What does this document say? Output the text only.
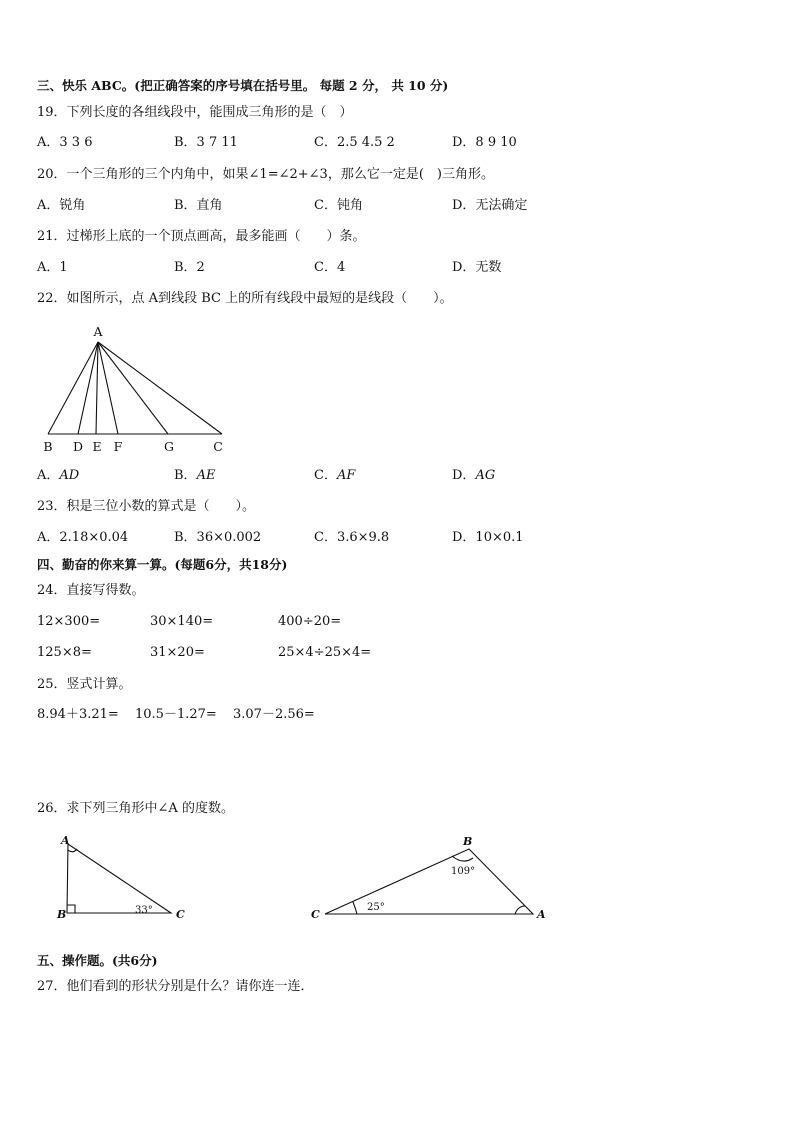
三、快乐 ABC。(把正确答案的序号填在括号里。 每题 2 分， 共 10 分)
19．下列长度的各组线段中，能围成三角形的是（　）
A．3 3 6	B．3 7 11	C．2.5 4.5 2	D．8 9 10
20．一个三角形的三个内角中，如果∠1=∠2+∠3，那么它一定是(　)三角形。
A．锐角	B．直角	C．钝角	D．无法确定
21．过梯形上底的一个顶点画高，最多能画（　　）条。
A．1	B．2	C．4	D．无数
22．如图所示，点 A到线段 BC 上的所有线段中最短的是线段（　　）。
A
B D E F	G	C
A．AD	B．AE	C．AF	D．AG
23．积是三位小数的算式是（　　）。
A．2.18×0.04	B．36×0.002	C．3.6×9.8	D．10×0.1
四、勤奋的你来算一算。(每题6分，共18分)
24．直接写得数。
12×300=	30×140=	400÷20=
125×8=	31×20=	25×4÷25×4=
25．竖式计算。
8.94＋3.21= 10.5－1.27= 3.07－2.56=
26．求下列三角形中∠A 的度数。
A
B	C
33°
B
C	A
109°
25°
五、操作题。(共6分)
27．他们看到的形状分别是什么？请你连一连．
